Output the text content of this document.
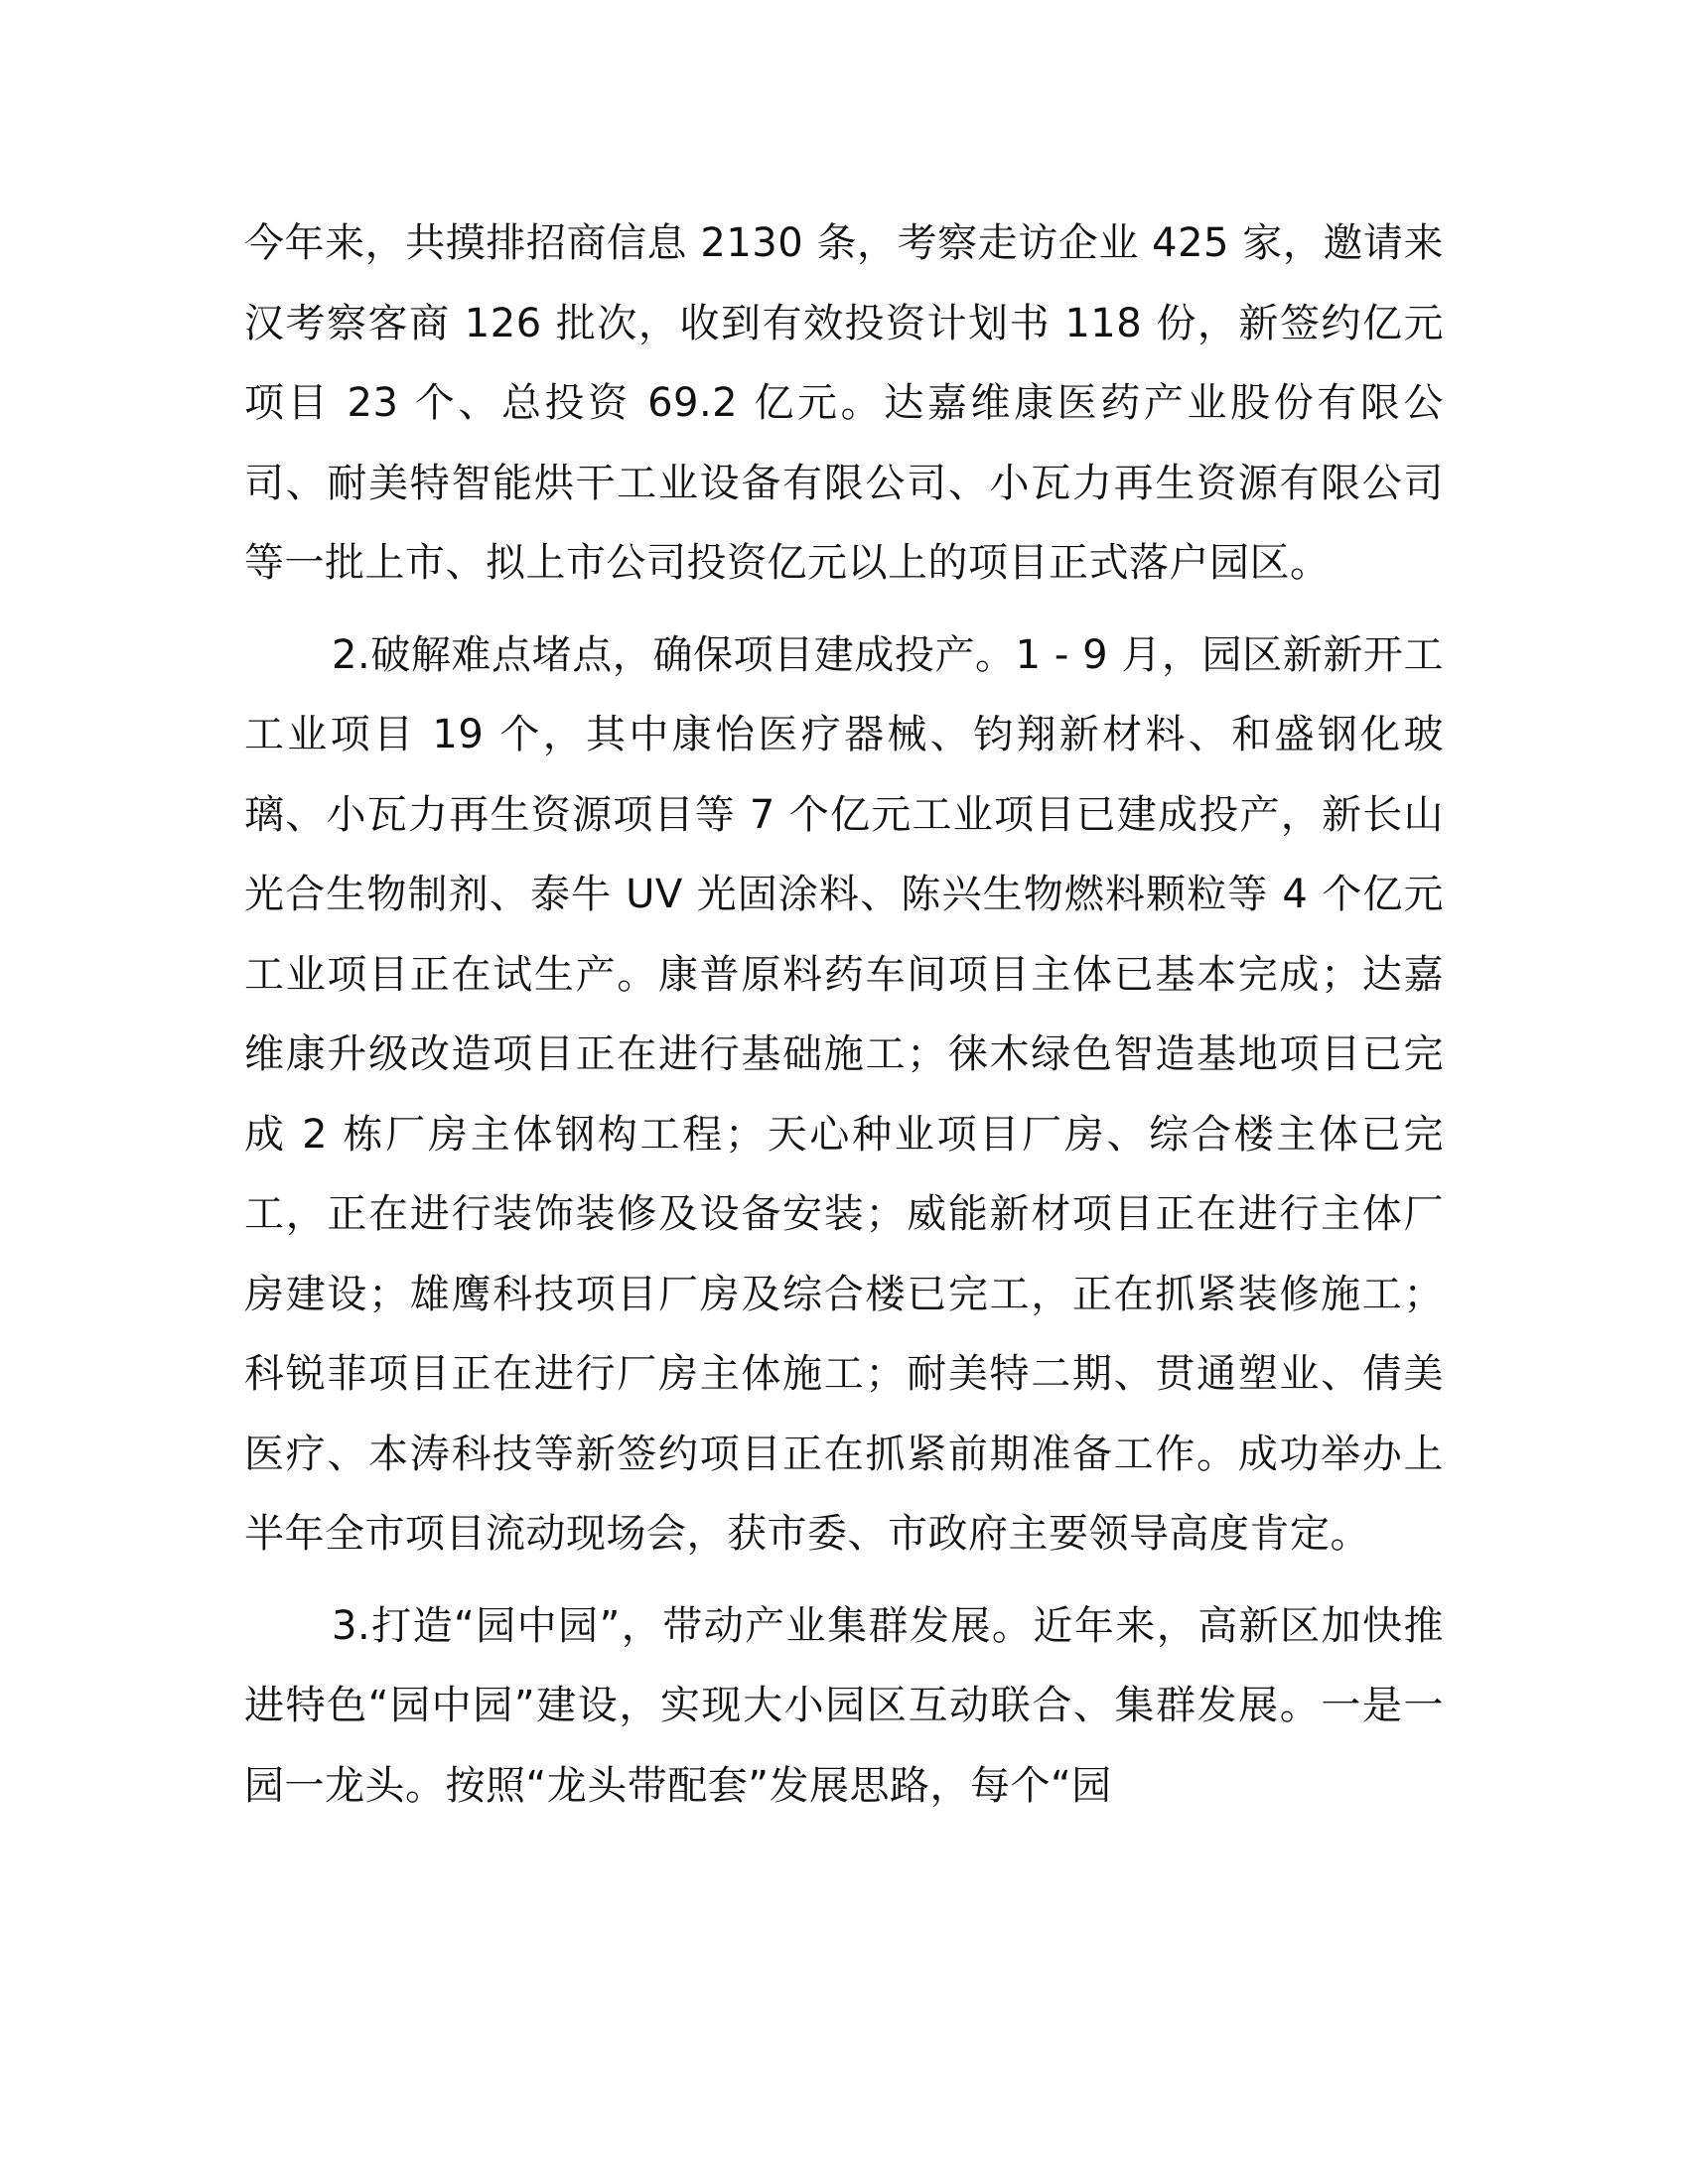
今年来，共摸排招商信息 2130 条，考察走访企业 425 家，邀请来汉考察客商 126 批次，收到有效投资计划书 118 份，新签约亿元项目 23 个、总投资 69.2 亿元。达嘉维康医药产业股份有限公司、耐美特智能烘干工业设备有限公司、小瓦力再生资源有限公司等一批上市、拟上市公司投资亿元以上的项目正式落户园区。

2.破解难点堵点，确保项目建成投产。1 - 9 月，园区新新开工工业项目 19 个，其中康怡医疗器械、钧翔新材料、和盛钢化玻璃、小瓦力再生资源项目等 7 个亿元工业项目已建成投产，新长山光合生物制剂、泰牛 UV 光固涂料、陈兴生物燃料颗粒等 4 个亿元工业项目正在试生产。康普原料药车间项目主体已基本完成；达嘉维康升级改造项目正在进行基础施工；徕木绿色智造基地项目已完成 2 栋厂房主体钢构工程；天心种业项目厂房、综合楼主体已完工，正在进行装饰装修及设备安装；威能新材项目正在进行主体厂房建设；雄鹰科技项目厂房及综合楼已完工，正在抓紧装修施工；科锐菲项目正在进行厂房主体施工；耐美特二期、贯通塑业、倩美医疗、本涛科技等新签约项目正在抓紧前期准备工作。成功举办上半年全市项目流动现场会，获市委、市政府主要领导高度肯定。

3.打造“园中园”，带动产业集群发展。近年来，高新区加快推进特色“园中园”建设，实现大小园区互动联合、集群发展。一是一园一龙头。按照“龙头带配套”发展思路，每个“园
